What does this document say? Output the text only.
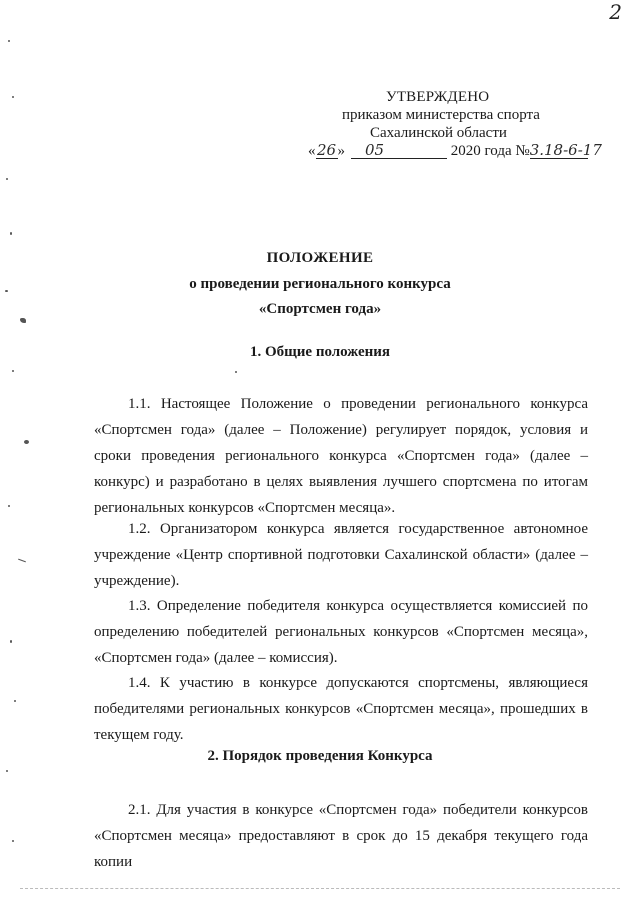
2
УТВЕРЖДЕНО
приказом министерства спорта
Сахалинской области
«26» 05	2020 года №3.18-6-17
ПОЛОЖЕНИЕ
о проведении регионального конкурса
«Спортсмен года»
1. Общие положения

1.1. Настоящее Положение о проведении регионального конкурса «Спортсмен года» (далее – Положение) регулирует порядок, условия и сроки проведения регионального конкурса «Спортсмен года» (далее – конкурс) и разработано в целях выявления лучшего спортсмена по итогам региональных конкурсов «Спортсмен месяца».

1.2. Организатором конкурса является государственное автономное учреждение «Центр спортивной подготовки Сахалинской области» (далее – учреждение).

1.3. Определение победителя конкурса осуществляется комиссией по определению победителей региональных конкурсов «Спортсмен месяца», «Спортсмен года» (далее – комиссия).

1.4. К участию в конкурсе допускаются спортсмены, являющиеся победителями региональных конкурсов «Спортсмен месяца», прошедших в текущем году.

2. Порядок проведения Конкурса

2.1. Для участия в конкурсе «Спортсмен года» победители конкурсов «Спортсмен месяца» предоставляют в срок до 15 декабря текущего года копии
